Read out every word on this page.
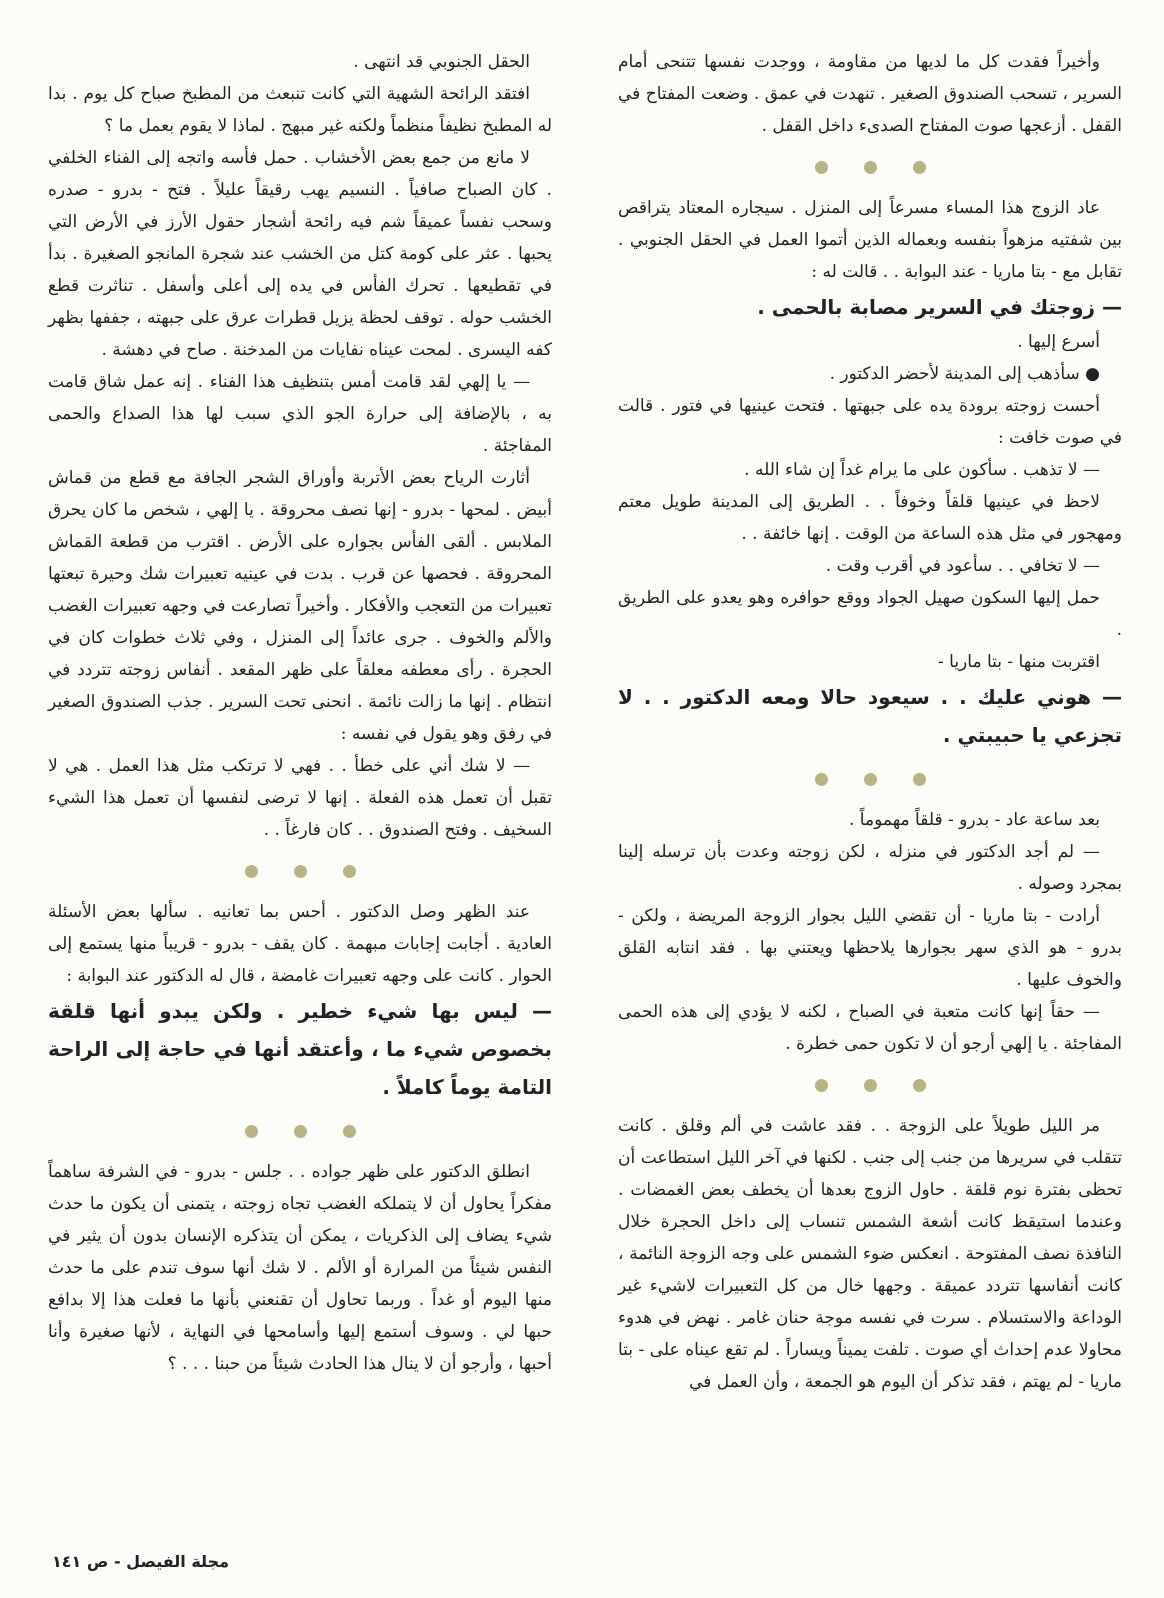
وأخيراً فقدت كل ما لديها من مقاومة ، ووجدت نفسها تتنحى أمام السرير ، تسحب الصندوق الصغير . تنهدت في عمق . وضعت المفتاح في القفل . أزعجها صوت المفتاح الصدىء داخل القفل .

عاد الزوج هذا المساء مسرعاً إلى المنزل . سيجاره المعتاد يتراقص بين شفتيه مزهواً بنفسه وبعماله الذين أتموا العمل في الحقل الجنوبي . تقابل مع - بتا ماريا - عند البوابة . . قالت له :

— زوجتك في السرير مصابة بالحمى .

أسرع إليها .

● سأذهب إلى المدينة لأحضر الدكتور .

أحست زوجته برودة يده على جبهتها . فتحت عينيها في فتور . قالت في صوت خافت :

— لا تذهب . سأكون على ما يرام غداً إن شاء الله .

لاحظ في عينيها قلقاً وخوفاً . . الطريق إلى المدينة طويل معتم ومهجور في مثل هذه الساعة من الوقت . إنها خائفة . .

— لا تخافي . . سأعود في أقرب وقت .

حمل إليها السكون صهيل الجواد ووقع حوافره وهو يعدو على الطريق .

اقتربت منها - بتا ماريا -

— هوني عليك . . سيعود حالا ومعه الدكتور . . لا تجزعي يا حبيبتي .

بعد ساعة عاد - بدرو - قلقاً مهموماً .

— لم أجد الدكتور في منزله ، لكن زوجته وعدت بأن ترسله إلينا بمجرد وصوله .

أرادت - بتا ماريا - أن تقضي الليل بجوار الزوجة المريضة ، ولكن - بدرو - هو الذي سهر بجوارها يلاحظها ويعتني بها . فقد انتابه القلق والخوف عليها .

— حقاً إنها كانت متعبة في الصباح ، لكنه لا يؤدي إلى هذه الحمى المفاجئة . يا إلهي أرجو أن لا تكون حمى خطرة .

مر الليل طويلاً على الزوجة . . فقد عاشت في ألم وقلق . كانت تتقلب في سريرها من جنب إلى جنب . لكنها في آخر الليل استطاعت أن تحظى بفترة نوم قلقة . حاول الزوج بعدها أن يخطف بعض الغمضات . وعندما استيقظ كانت أشعة الشمس تنساب إلى داخل الحجرة خلال النافذة نصف المفتوحة . انعكس ضوء الشمس على وجه الزوجة النائمة ، كانت أنفاسها تتردد عميقة . وجهها خال من كل التعبيرات لاشيء غير الوداعة والاستسلام . سرت في نفسه موجة حنان غامر . نهض في هدوء محاولا عدم إحداث أي صوت . تلفت يميناً ويساراً . لم تقع عيناه على - بتا ماريا - لم يهتم ، فقد تذكر أن اليوم هو الجمعة ، وأن العمل في

الحقل الجنوبي قد انتهى .

افتقد الرائحة الشهية التي كانت تنبعث من المطبخ صباح كل يوم . بدا له المطبخ نظيفاً منظماً ولكنه غير مبهج . لماذا لا يقوم بعمل ما ؟

لا مانع من جمع بعض الأخشاب . حمل فأسه واتجه إلى الفناء الخلفي . كان الصباح صافياً . النسيم يهب رقيقاً عليلاً . فتح - بدرو - صدره وسحب نفساً عميقاً شم فيه رائحة أشجار حقول الأرز في الأرض التي يحبها . عثر على كومة كتل من الخشب عند شجرة المانجو الصغيرة . بدأ في تقطيعها . تحرك الفأس في يده إلى أعلى وأسفل . تناثرت قطع الخشب حوله . توقف لحظة يزيل قطرات عرق على جبهته ، جففها بظهر كفه اليسرى . لمحت عيناه نفايات من المدخنة . صاح في دهشة .

— يا إلهي لقد قامت أمس بتنظيف هذا الفناء . إنه عمل شاق قامت به ، بالإضافة إلى حرارة الجو الذي سبب لها هذا الصداع والحمى المفاجئة .

أثارت الرياح بعض الأتربة وأوراق الشجر الجافة مع قطع من قماش أبيض . لمحها - بدرو - إنها نصف محروقة . يا إلهي ، شخص ما كان يحرق الملابس . ألقى الفأس بجواره على الأرض . اقترب من قطعة القماش المحروقة . فحصها عن قرب . بدت في عينيه تعبيرات شك وحيرة تبعتها تعبيرات من التعجب والأفكار . وأخيراً تصارعت في وجهه تعبيرات الغضب والألم والخوف . جرى عائداً إلى المنزل ، وفي ثلاث خطوات كان في الحجرة . رأى معطفه معلقاً على ظهر المقعد . أنفاس زوجته تتردد في انتظام . إنها ما زالت نائمة . انحنى تحت السرير . جذب الصندوق الصغير في رفق وهو يقول في نفسه :

— لا شك أني على خطأ . . فهي لا ترتكب مثل هذا العمل . هي لا تقبل أن تعمل هذه الفعلة . إنها لا ترضى لنفسها أن تعمل هذا الشيء السخيف . وفتح الصندوق . . كان فارغاً . .

عند الظهر وصل الدكتور . أحس بما تعانيه . سألها بعض الأسئلة العادية . أجابت إجابات مبهمة . كان يقف - بدرو - قريباً منها يستمع إلى الحوار . كانت على وجهه تعبيرات غامضة ، قال له الدكتور عند البوابة :

— ليس بها شيء خطير . ولكن يبدو أنها قلقة بخصوص شيء ما ، وأعتقد أنها في حاجة إلى الراحة التامة يوماً كاملاً .

انطلق الدكتور على ظهر جواده . . جلس - بدرو - في الشرفة ساهماً مفكراً يحاول أن لا يتملكه الغضب تجاه زوجته ، يتمنى أن يكون ما حدث شيء يضاف إلى الذكريات ، يمكن أن يتذكره الإنسان بدون أن يثير في النفس شيئاً من المرارة أو الألم . لا شك أنها سوف تندم على ما حدث منها اليوم أو غداً . وربما تحاول أن تقنعني بأنها ما فعلت هذا إلا بدافع حبها لي . وسوف أستمع إليها وأسامحها في النهاية ، لأنها صغيرة وأنا أحبها ، وأرجو أن لا ينال هذا الحادث شيئاً من حبنا . . . ؟

مجلة الفيصل - ص ١٤١
